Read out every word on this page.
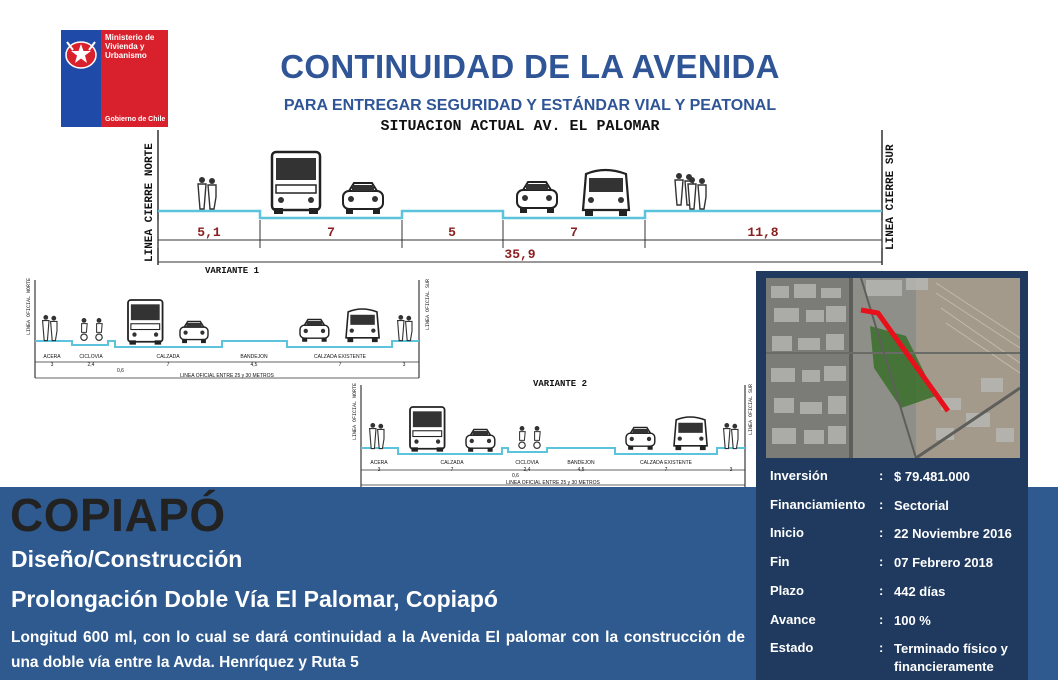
Ministerio de Vivienda y Urbanismo
Gobierno de Chile
CONTINUIDAD DE LA AVENIDA
PARA ENTREGAR SEGURIDAD Y ESTÁNDAR VIAL Y PEATONAL
SITUACION ACTUAL AV. EL PALOMAR
LINEA CIERRE NORTE	LINEA CIERRE SUR
5,1	7	5	7	11,8
35,9
VARIANTE 1
LINEA OFICIAL NORTE	LINEA OFICIAL SUR
ACERA	CICLOVIA	CALZADA	BANDEJON	CALZADA EXISTENTE
3	2,4	7	4,5	7	3
0,6
LINEA OFICIAL ENTRE 25 y 30 METROS
VARIANTE 2
LINEA OFICIAL NORTE	LINEA OFICIAL SUR
ACERA	CALZADA	CICLOVIA	BANDEJON	CALZADA EXISTENTE
3	7	2,4	4,5	7	3
0,6
LINEA OFICIAL ENTRE 25 y 30 METROS
COPIAPÓ
Diseño/Construcción
Prolongación Doble Vía El Palomar, Copiapó
Longitud 600 ml, con lo cual se dará continuidad a la Avenida El palomar con la construcción de una doble vía entre la Avda. Henríquez y Ruta 5
Inversión	: $ 79.481.000
Financiamiento	: Sectorial
Inicio	: 22 Noviembre 2016
Fin	: 07 Febrero 2018
Plazo	: 442 días
Avance	: 100 %
Estado	: Terminado físico y financieramente
